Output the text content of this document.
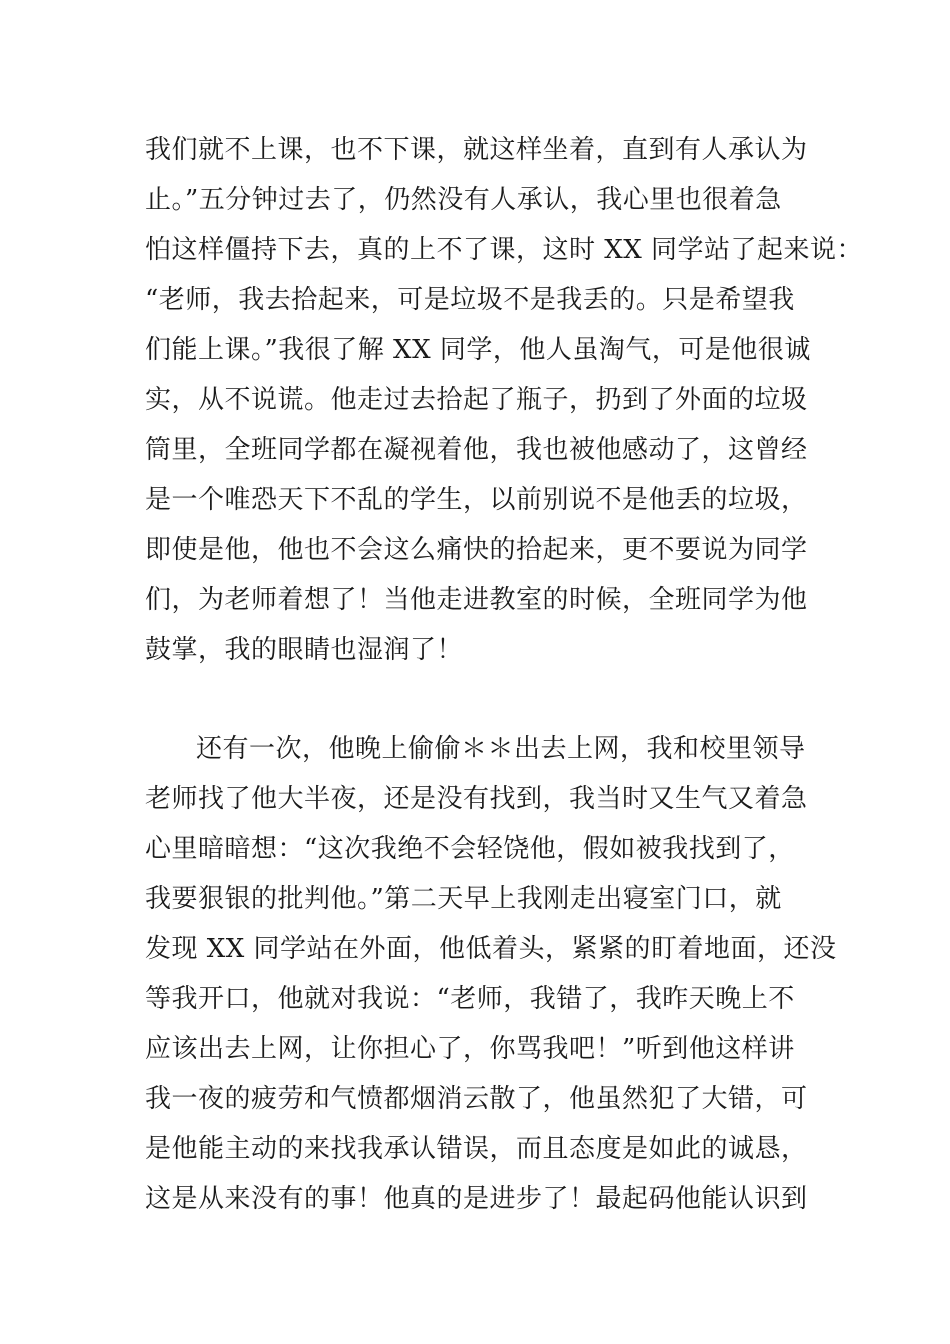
我们就不上课，也不下课，就这样坐着，直到有人承认为
止。”五分钟过去了，仍然没有人承认，我心里也很着急
怕这样僵持下去，真的上不了课，这时 XX 同学站了起来说：
“老师，我去拾起来，可是垃圾不是我丢的。只是希望我
们能上课。”我很了解 XX 同学，他人虽淘气，可是他很诚
实，从不说谎。他走过去拾起了瓶子，扔到了外面的垃圾
筒里，全班同学都在凝视着他，我也被他感动了，这曾经
是一个唯恐天下不乱的学生，以前别说不是他丢的垃圾，
即使是他，他也不会这么痛快的拾起来，更不要说为同学
们，为老师着想了！当他走进教室的时候，全班同学为他
鼓掌，我的眼睛也湿润了！
还有一次，他晚上偷偷＊＊出去上网，我和校里领导
老师找了他大半夜，还是没有找到，我当时又生气又着急
心里暗暗想：“这次我绝不会轻饶他，假如被我找到了，
我要狠银的批判他。”第二天早上我刚走出寝室门口，就
发现 XX 同学站在外面，他低着头，紧紧的盯着地面，还没
等我开口，他就对我说：“老师，我错了，我昨天晚上不
应该出去上网，让你担心了，你骂我吧！”听到他这样讲
我一夜的疲劳和气愤都烟消云散了，他虽然犯了大错，可
是他能主动的来找我承认错误，而且态度是如此的诚恳，
这是从来没有的事！他真的是进步了！最起码他能认识到
